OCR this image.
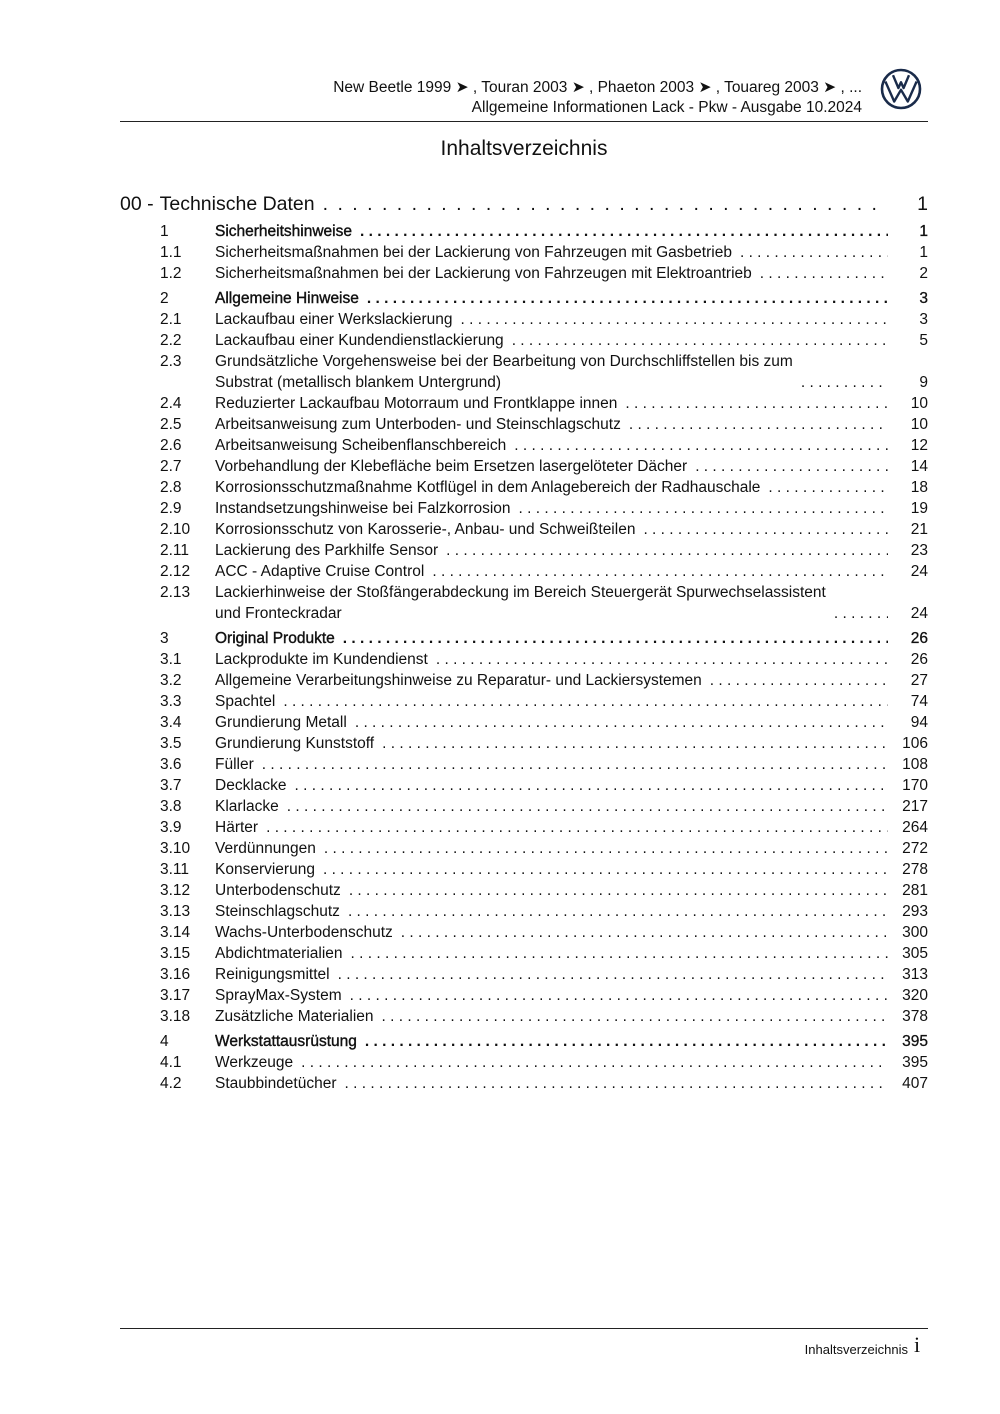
New Beetle 1999 ➤ , Touran 2003 ➤ , Phaeton 2003 ➤ , Touareg 2003 ➤ , ...
Allgemeine Informationen Lack - Pkw - Ausgabe 10.2024
Inhaltsverzeichnis
00 - Technische Daten . . .	1
1	Sicherheitshinweise . . .	1
1.1	Sicherheitsmaßnahmen bei der Lackierung von Fahrzeugen mit Gasbetrieb . . .	1
1.2	Sicherheitsmaßnahmen bei der Lackierung von Fahrzeugen mit Elektroantrieb . . .	2
2	Allgemeine Hinweise . . .	3
2.1	Lackaufbau einer Werkslackierung . . .	3
2.2	Lackaufbau einer Kundendienstlackierung . . .	5
2.3	Grundsätzliche Vorgehensweise bei der Bearbeitung von Durchschliffstellen bis zum
Substrat (metallisch blankem Untergrund) . . .	9
2.4	Reduzierter Lackaufbau Motorraum und Frontklappe innen . . .	10
2.5	Arbeitsanweisung zum Unterboden- und Steinschlagschutz . . .	10
2.6	Arbeitsanweisung Scheibenflanschbereich . . .	12
2.7	Vorbehandlung der Klebefläche beim Ersetzen lasergelöteter Dächer . . .	14
2.8	Korrosionsschutzmaßnahme Kotflügel in dem Anlagebereich der Radhauschale . . .	18
2.9	Instandsetzungshinweise bei Falzkorrosion . . .	19
2.10	Korrosionsschutz von Karosserie-, Anbau- und Schweißteilen . . .	21
2.11	Lackierung des Parkhilfe Sensor . . .	23
2.12	ACC - Adaptive Cruise Control . . .	24
2.13	Lackierhinweise der Stoßfängerabdeckung im Bereich Steuergerät Spurwechselassistent
und Fronteckradar . . .	24
3	Original Produkte . . .	26
3.1	Lackprodukte im Kundendienst . . .	26
3.2	Allgemeine Verarbeitungshinweise zu Reparatur- und Lackiersystemen . . .	27
3.3	Spachtel . . .	74
3.4	Grundierung Metall . . .	94
3.5	Grundierung Kunststoff . . .	106
3.6	Füller . . .	108
3.7	Decklacke . . .	170
3.8	Klarlacke . . .	217
3.9	Härter . . .	264
3.10	Verdünnungen . . .	272
3.11	Konservierung . . .	278
3.12	Unterbodenschutz . . .	281
3.13	Steinschlagschutz . . .	293
3.14	Wachs-Unterbodenschutz . . .	300
3.15	Abdichtmaterialien . . .	305
3.16	Reinigungsmittel . . .	313
3.17	SprayMax-System . . .	320
3.18	Zusätzliche Materialien . . .	378
4	Werkstattausrüstung . . .	395
4.1	Werkzeuge . . .	395
4.2	Staubbindetücher . . .	407
Inhaltsverzeichnis i
